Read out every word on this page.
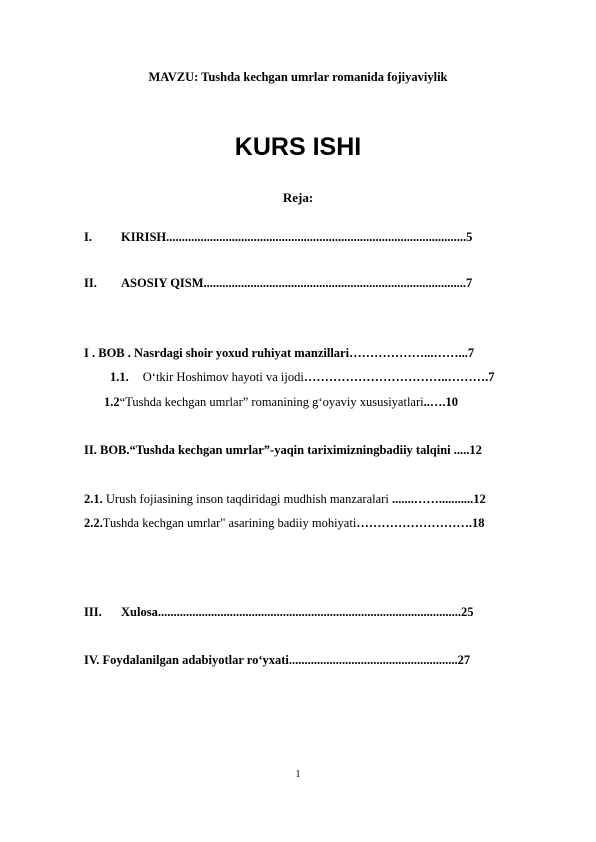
MAVZU: Tushda kechgan umrlar romanida fojiyaviylik
KURS ISHI
Reja:
I. KIRISH................................................................................................5
II. ASOSIY QISM....................................................................................7
I . BOB . Nasrdagi shoir yoxud ruhiyat manzillari………………...……...7
1.1. O‘tkir Hoshimov hayoti va ijodi……………………………..……….7
1.2“Tushda kechgan umrlar” romanining g‘oyaviy xususiyatlari..….10
II. BOB.“Tushda kechgan umrlar”-yaqin tariximizningbadiiy talqini .....12
2.1. Urush fojiasining inson taqdiridagi mudhish manzaralari .......……...........12
2.2.Tushda kechgan umrlar" asarining badiiy mohiyati……………………….18
III. Xulosa.................................................................................................25
IV. Foydalanilgan adabiyotlar ro‘yxati......................................................27
1
